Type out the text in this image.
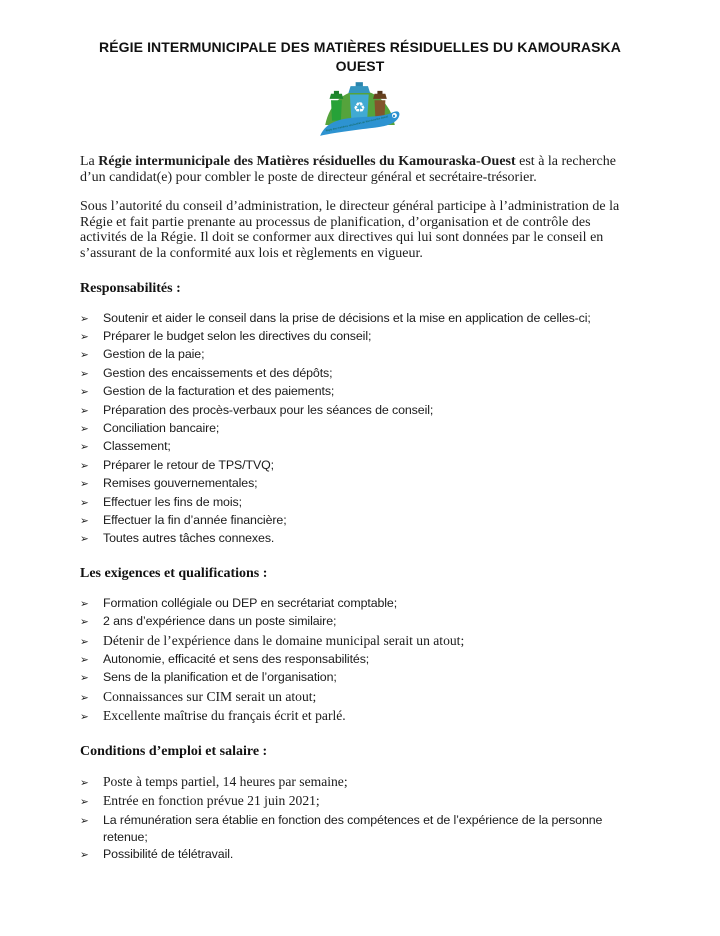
RÉGIE INTERMUNICIPALE DES MATIÈRES RÉSIDUELLES DU KAMOURASKA
OUEST
♻
Régie des matières résiduelles du Kamouraska-Ouest

La Régie intermunicipale des Matières résiduelles du Kamouraska-Ouest est à la recherche d’un candidat(e) pour combler le poste de directeur général et secrétaire-trésorier.

Sous l’autorité du conseil d’administration, le directeur général participe à l’administration de la Régie et fait partie prenante au processus de planification, d’organisation et de contrôle des activités de la Régie. Il doit se conformer aux directives qui lui sont données par le conseil en s’assurant de la conformité aux lois et règlements en vigueur.

Responsabilités :
➢	Soutenir et aider le conseil dans la prise de décisions et la mise en application de celles-ci;
➢	Préparer le budget selon les directives du conseil;
➢	Gestion de la paie;
➢	Gestion des encaissements et des dépôts;
➢	Gestion de la facturation et des paiements;
➢	Préparation des procès-verbaux pour les séances de conseil;
➢	Conciliation bancaire;
➢	Classement;
➢	Préparer le retour de TPS/TVQ;
➢	Remises gouvernementales;
➢	Effectuer les fins de mois;
➢	Effectuer la fin d’année financière;
➢	Toutes autres tâches connexes.
Les exigences et qualifications :
➢	Formation collégiale ou DEP en secrétariat comptable;
➢	2 ans d’expérience dans un poste similaire;
➢	Détenir de l’expérience dans le domaine municipal serait un atout;
➢	Autonomie, efficacité et sens des responsabilités;
➢	Sens de la planification et de l’organisation;
➢	Connaissances sur CIM serait un atout;
➢	Excellente maîtrise du français écrit et parlé.
Conditions d’emploi et salaire :
➢	Poste à temps partiel, 14 heures par semaine;
➢	Entrée en fonction prévue 21 juin 2021;
➢	La rémunération sera établie en fonction des compétences et de l’expérience de la personne retenue;
➢	Possibilité de télétravail.
